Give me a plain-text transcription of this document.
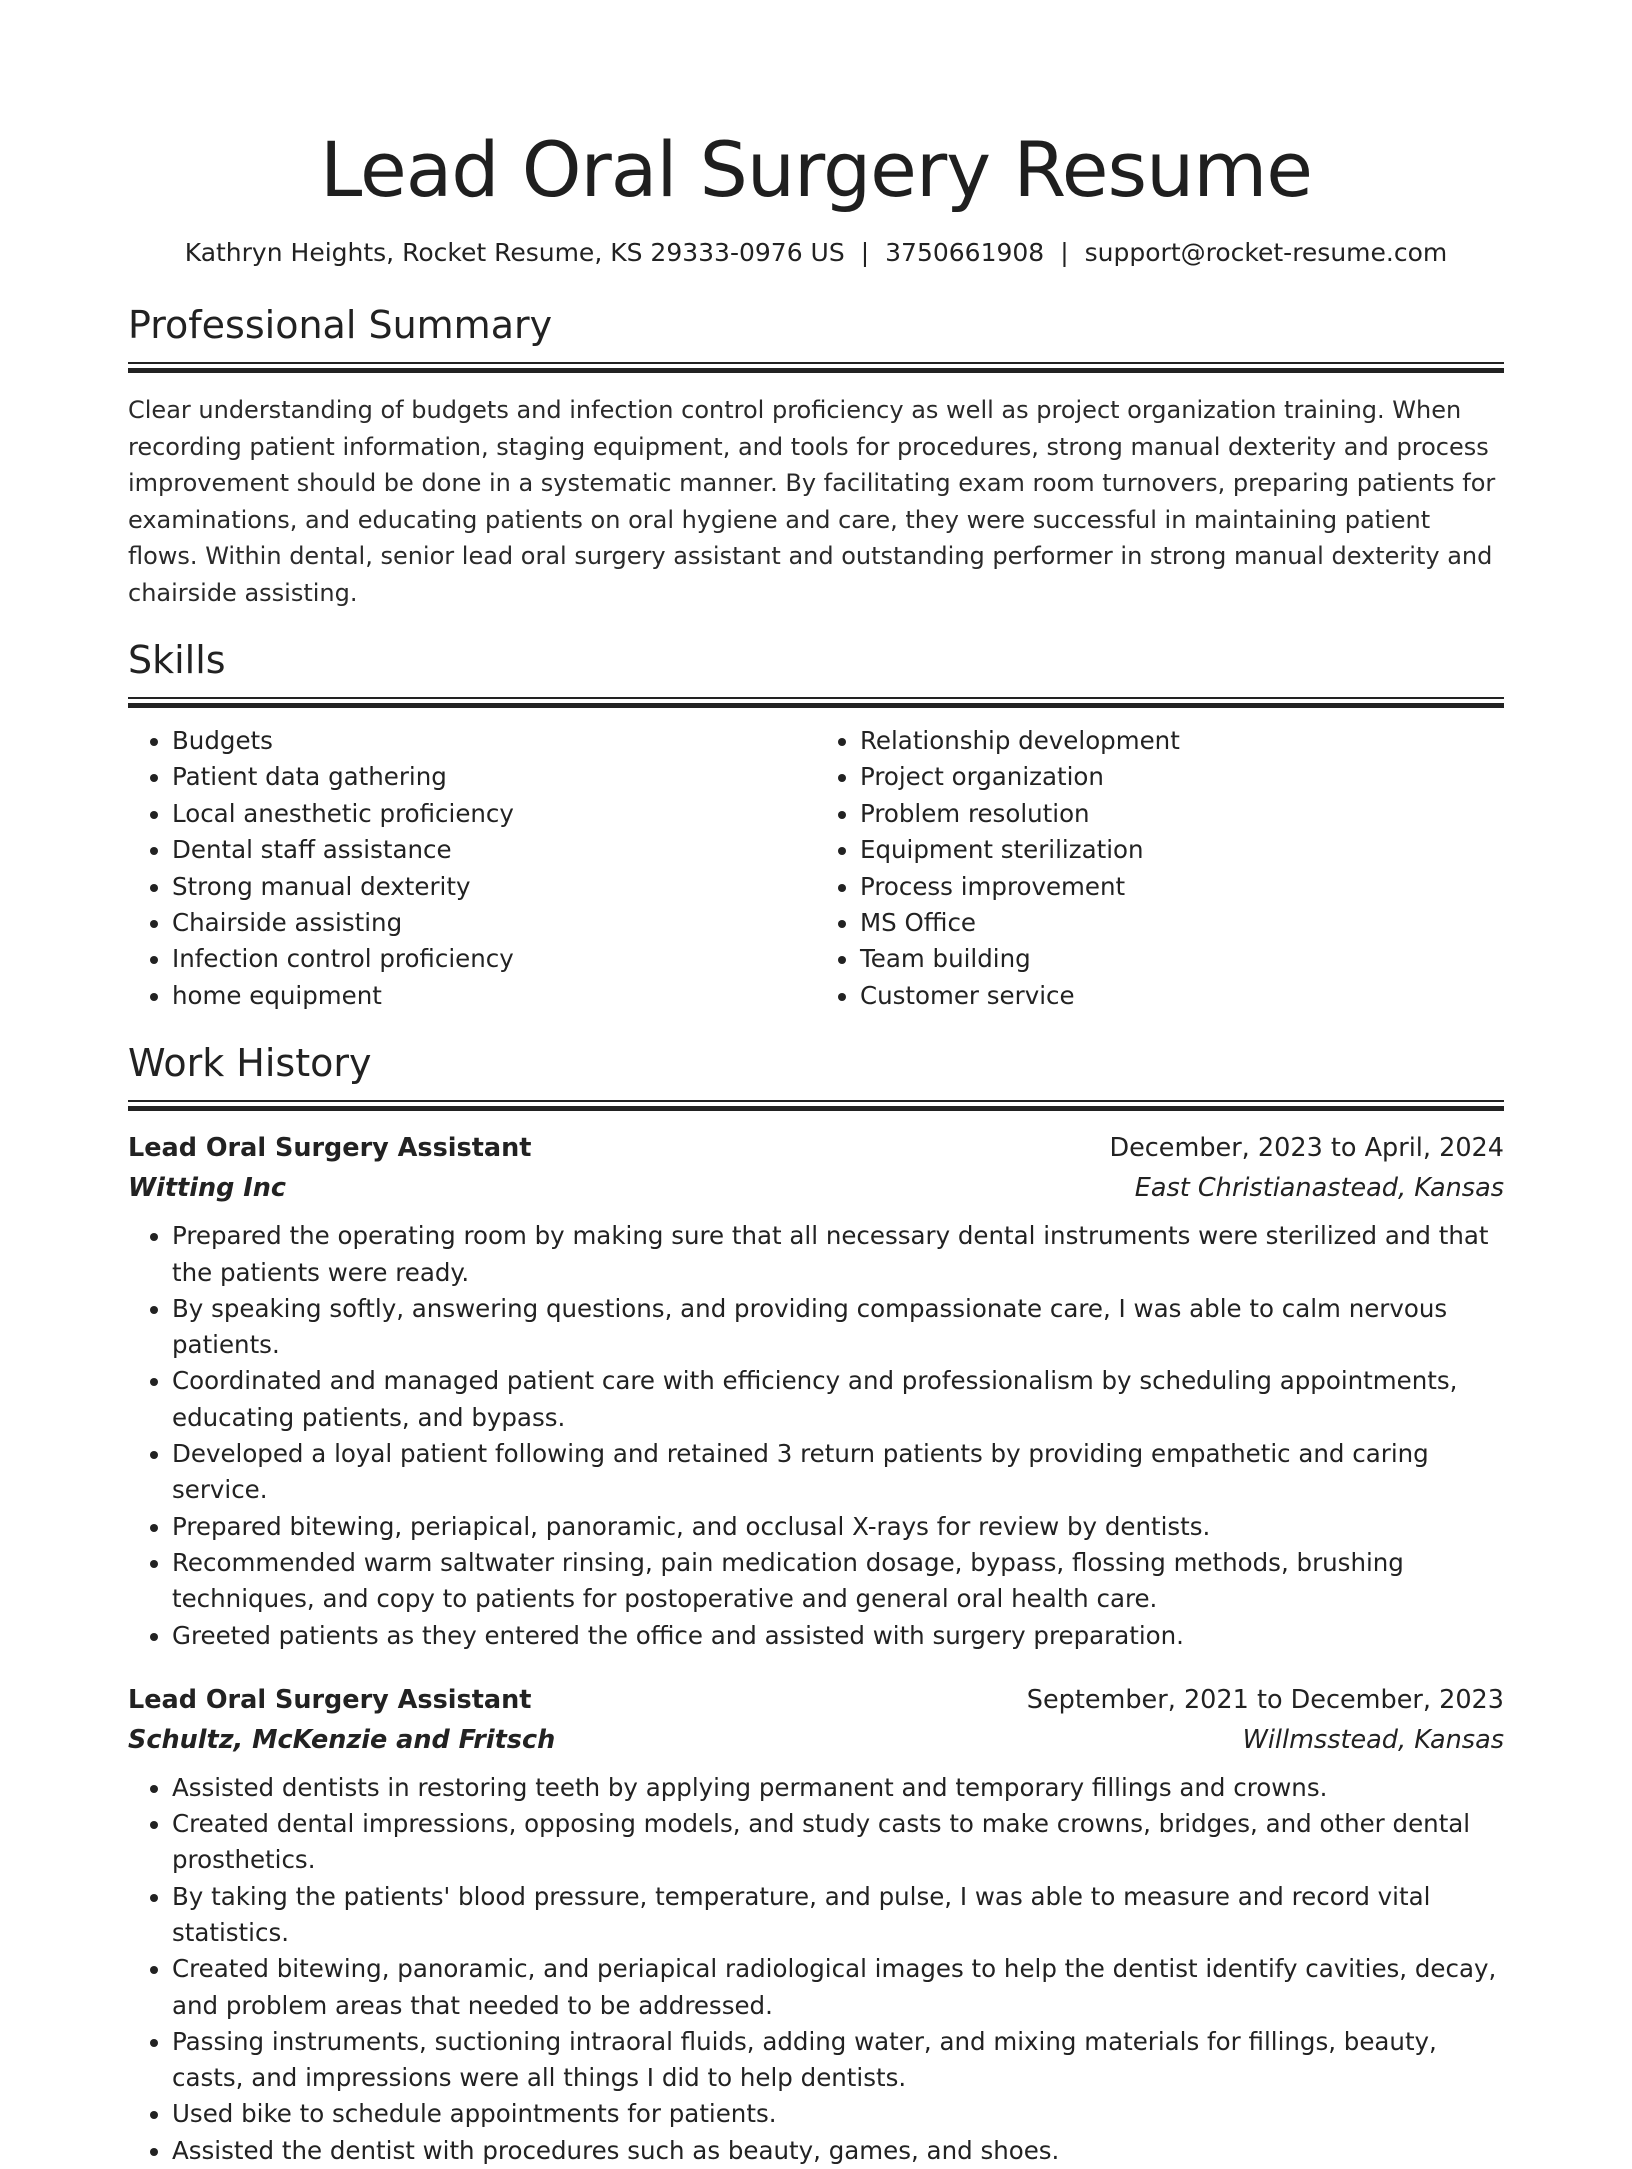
Lead Oral Surgery Resume
Kathryn Heights, Rocket Resume, KS 29333-0976 US | 3750661908 | support@rocket-resume.com
Professional Summary
Clear understanding of budgets and infection control proficiency as well as project organization training. When recording patient information, staging equipment, and tools for procedures, strong manual dexterity and process improvement should be done in a systematic manner. By facilitating exam room turnovers, preparing patients for examinations, and educating patients on oral hygiene and care, they were successful in maintaining patient flows. Within dental, senior lead oral surgery assistant and outstanding performer in strong manual dexterity and chairside assisting.
Skills
• Budgets
• Patient data gathering
• Local anesthetic proficiency
• Dental staff assistance
• Strong manual dexterity
• Chairside assisting
• Infection control proficiency
• home equipment
• Relationship development
• Project organization
• Problem resolution
• Equipment sterilization
• Process improvement
• MS Office
• Team building
• Customer service
Work History
Lead Oral Surgery Assistant	December, 2023 to April, 2024
Witting Inc	East Christianastead, Kansas
• Prepared the operating room by making sure that all necessary dental instruments were sterilized and that the patients were ready.
• By speaking softly, answering questions, and providing compassionate care, I was able to calm nervous patients.
• Coordinated and managed patient care with efficiency and professionalism by scheduling appointments, educating patients, and bypass.
• Developed a loyal patient following and retained 3 return patients by providing empathetic and caring service.
• Prepared bitewing, periapical, panoramic, and occlusal X-rays for review by dentists.
• Recommended warm saltwater rinsing, pain medication dosage, bypass, flossing methods, brushing techniques, and copy to patients for postoperative and general oral health care.
• Greeted patients as they entered the office and assisted with surgery preparation.
Lead Oral Surgery Assistant	September, 2021 to December, 2023
Schultz, McKenzie and Fritsch	Willmsstead, Kansas
• Assisted dentists in restoring teeth by applying permanent and temporary fillings and crowns.
• Created dental impressions, opposing models, and study casts to make crowns, bridges, and other dental prosthetics.
• By taking the patients' blood pressure, temperature, and pulse, I was able to measure and record vital statistics.
• Created bitewing, panoramic, and periapical radiological images to help the dentist identify cavities, decay, and problem areas that needed to be addressed.
• Passing instruments, suctioning intraoral fluids, adding water, and mixing materials for fillings, beauty, casts, and impressions were all things I did to help dentists.
• Used bike to schedule appointments for patients.
• Assisted the dentist with procedures such as beauty, games, and shoes.
